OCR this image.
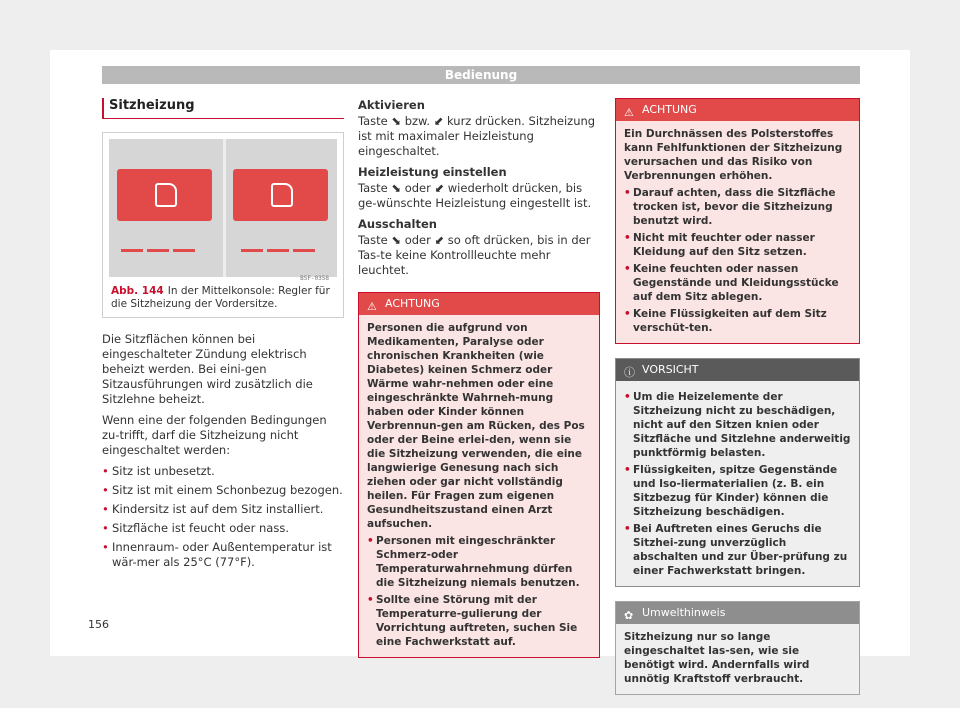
Bedienung
Sitzheizung
B5F-0358
Abb. 144 In der Mittelkonsole: Regler für die Sitzheizung der Vordersitze.

Die Sitzflächen können bei eingeschalteter Zündung elektrisch beheizt werden. Bei eini-gen Sitzausführungen wird zusätzlich die Sitzlehne beheizt.

Wenn eine der folgenden Bedingungen zu-trifft, darf die Sitzheizung nicht eingeschaltet werden:

• Sitz ist unbesetzt.
• Sitz ist mit einem Schonbezug bezogen.
• Kindersitz ist auf dem Sitz installiert.
• Sitzfläche ist feucht oder nass.
• Innenraum- oder Außentemperatur ist wär-mer als 25°C (77°F).
Aktivieren

Taste ⬊ bzw. ⬋ kurz drücken. Sitzheizung ist mit maximaler Heizleistung eingeschaltet.

Heizleistung einstellen

Taste ⬊ oder ⬋ wiederholt drücken, bis ge-wünschte Heizleistung eingestellt ist.

Ausschalten

Taste ⬊ oder ⬋ so oft drücken, bis in der Tas-te keine Kontrollleuchte mehr leuchtet.

⚠ ACHTUNG

Personen die aufgrund von Medikamenten, Paralyse oder chronischen Krankheiten (wie Diabetes) keinen Schmerz oder Wärme wahr-nehmen oder eine eingeschränkte Wahrneh-mung haben oder Kinder können Verbrennun-gen am Rücken, des Pos oder der Beine erlei-den, wenn sie die Sitzheizung verwenden, die eine langwierige Genesung nach sich ziehen oder gar nicht vollständig heilen. Für Fragen zum eigenen Gesundheitszustand einen Arzt aufsuchen.

• Personen mit eingeschränkter Schmerz-oder Temperaturwahrnehmung dürfen die Sitzheizung niemals benutzen.
• Sollte eine Störung mit der Temperaturre-gulierung der Vorrichtung auftreten, suchen Sie eine Fachwerkstatt auf.
⚠ ACHTUNG

Ein Durchnässen des Polsterstoffes kann Fehlfunktionen der Sitzheizung verursachen und das Risiko von Verbrennungen erhöhen.

• Darauf achten, dass die Sitzfläche trocken ist, bevor die Sitzheizung benutzt wird.
• Nicht mit feuchter oder nasser Kleidung auf den Sitz setzen.
• Keine feuchten oder nassen Gegenstände und Kleidungsstücke auf dem Sitz ablegen.
• Keine Flüssigkeiten auf dem Sitz verschüt-ten.
ⓘ VORSICHT
• Um die Heizelemente der Sitzheizung nicht zu beschädigen, nicht auf den Sitzen knien oder Sitzfläche und Sitzlehne anderweitig punktförmig belasten.
• Flüssigkeiten, spitze Gegenstände und Iso-liermaterialien (z. B. ein Sitzbezug für Kinder) können die Sitzheizung beschädigen.
• Bei Auftreten eines Geruchs die Sitzhei-zung unverzüglich abschalten und zur Über-prüfung zu einer Fachwerkstatt bringen.
✿ Umwelthinweis

Sitzheizung nur so lange eingeschaltet las-sen, wie sie benötigt wird. Andernfalls wird unnötig Kraftstoff verbraucht.

156
